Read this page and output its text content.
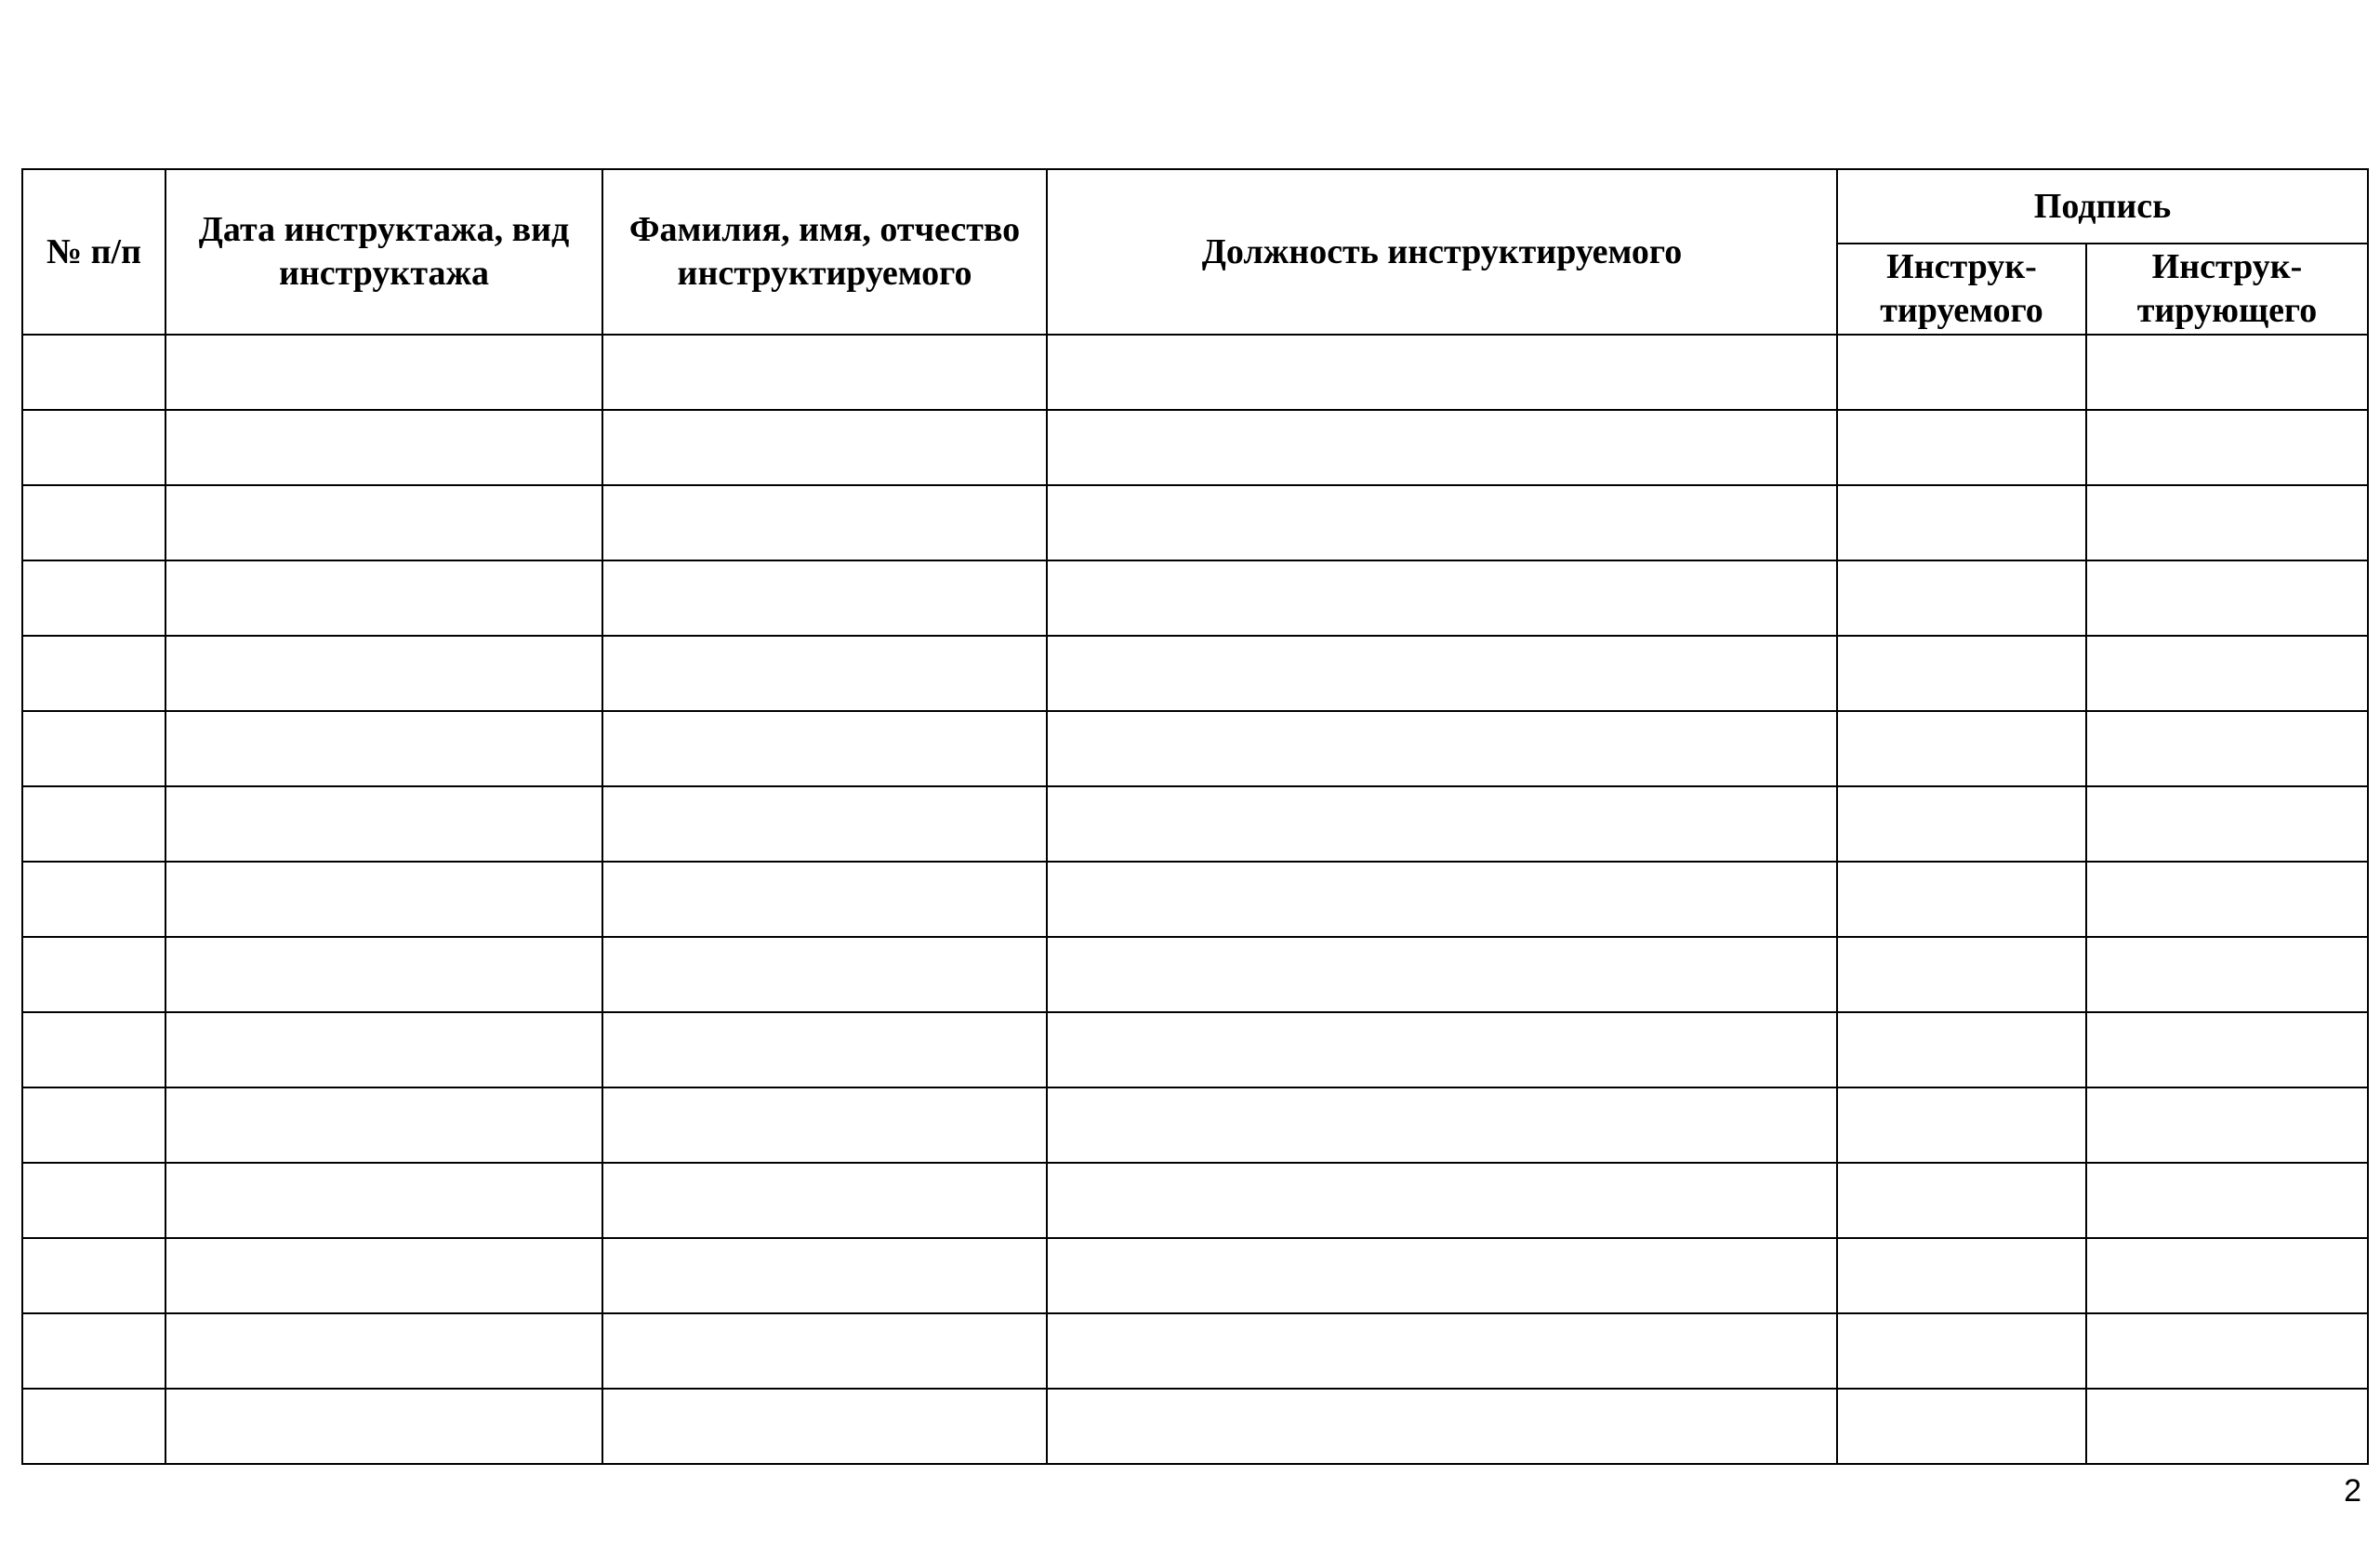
№ п/п	Дата инструктажа, вид инструктажа	Фамилия, имя, отчество инструктируемого	Должность инструктируемого	Подпись	
				Инструк-тируемого	Инструк-тирующего

2
